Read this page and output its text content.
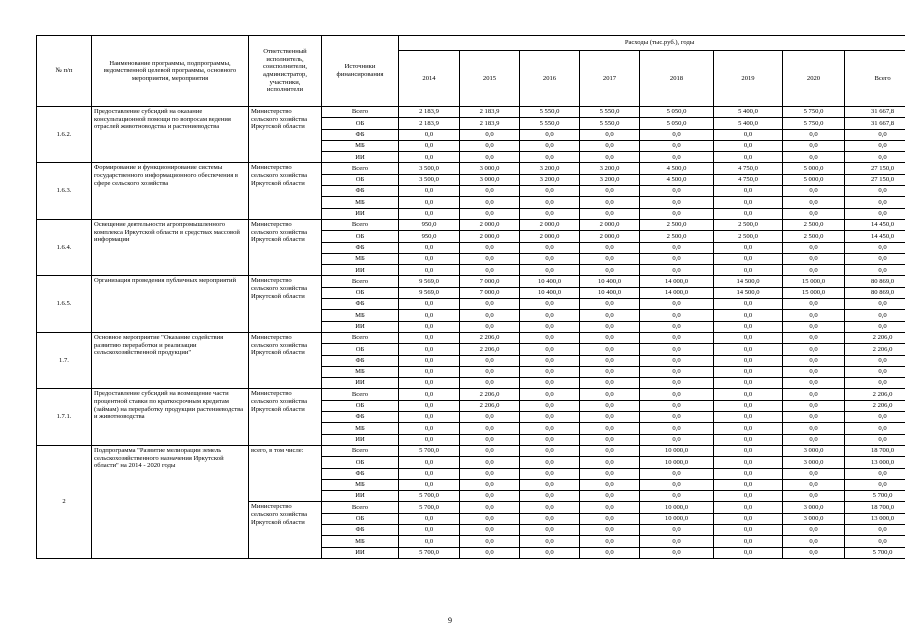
№ п/п	Наименование программы, подпрограммы, ведомственной целевой программы, основного мероприятия, мероприятия	Ответственный исполнитель, соисполнители, администратор, участники, исполнители	Источники финансирования	Расходы (тыс.руб.), годы							
				2014	2015	2016	2017	2018	2019	2020	Всего
1.6.2.	Предоставление субсидий на оказание консультационной помощи по вопросам ведения отраслей животноводства и растениеводства	Министерство сельского хозяйства Иркутской области	Всего	2 183,9	2 183,9	5 550,0	5 550,0	5 050,0	5 400,0	5 750,0	31 667,8
			ОБ	2 183,9	2 183,9	5 550,0	5 550,0	5 050,0	5 400,0	5 750,0	31 667,8
			ФБ	0,0	0,0	0,0	0,0	0,0	0,0	0,0	0,0
			МБ	0,0	0,0	0,0	0,0	0,0	0,0	0,0	0,0
			ИИ	0,0	0,0	0,0	0,0	0,0	0,0	0,0	0,0
1.6.3.	Формирование и функционирование системы государственного информационного обеспечения в сфере сельского хозяйства	Министерство сельского хозяйства Иркутской области	Всего	3 500,0	3 000,0	3 200,0	3 200,0	4 500,0	4 750,0	5 000,0	27 150,0
			ОБ	3 500,0	3 000,0	3 200,0	3 200,0	4 500,0	4 750,0	5 000,0	27 150,0
			ФБ	0,0	0,0	0,0	0,0	0,0	0,0	0,0	0,0
			МБ	0,0	0,0	0,0	0,0	0,0	0,0	0,0	0,0
			ИИ	0,0	0,0	0,0	0,0	0,0	0,0	0,0	0,0
1.6.4.	Освещение деятельности агропромышленного комплекса Иркутской области в средствах массовой информации	Министерство сельского хозяйства Иркутской области	Всего	950,0	2 000,0	2 000,0	2 000,0	2 500,0	2 500,0	2 500,0	14 450,0
			ОБ	950,0	2 000,0	2 000,0	2 000,0	2 500,0	2 500,0	2 500,0	14 450,0
			ФБ	0,0	0,0	0,0	0,0	0,0	0,0	0,0	0,0
			МБ	0,0	0,0	0,0	0,0	0,0	0,0	0,0	0,0
			ИИ	0,0	0,0	0,0	0,0	0,0	0,0	0,0	0,0
1.6.5.	Организация проведения публичных мероприятий	Министерство сельского хозяйства Иркутской области	Всего	9 569,0	7 000,0	10 400,0	10 400,0	14 000,0	14 500,0	15 000,0	80 869,0
			ОБ	9 569,0	7 000,0	10 400,0	10 400,0	14 000,0	14 500,0	15 000,0	80 869,0
			ФБ	0,0	0,0	0,0	0,0	0,0	0,0	0,0	0,0
			МБ	0,0	0,0	0,0	0,0	0,0	0,0	0,0	0,0
			ИИ	0,0	0,0	0,0	0,0	0,0	0,0	0,0	0,0
1.7.	Основное мероприятие "Оказание содействия развитию переработки и реализации сельскохозяйственной продукции"	Министерство сельского хозяйства Иркутской области	Всего	0,0	2 206,0	0,0	0,0	0,0	0,0	0,0	2 206,0
			ОБ	0,0	2 206,0	0,0	0,0	0,0	0,0	0,0	2 206,0
			ФБ	0,0	0,0	0,0	0,0	0,0	0,0	0,0	0,0
			МБ	0,0	0,0	0,0	0,0	0,0	0,0	0,0	0,0
			ИИ	0,0	0,0	0,0	0,0	0,0	0,0	0,0	0,0
1.7.1.	Предоставление субсидий на возмещение части процентной ставки по краткосрочным кредитам (займам) на переработку продукции растениеводства и животноводства	Министерство сельского хозяйства Иркутской области	Всего	0,0	2 206,0	0,0	0,0	0,0	0,0	0,0	2 206,0
			ОБ	0,0	2 206,0	0,0	0,0	0,0	0,0	0,0	2 206,0
			ФБ	0,0	0,0	0,0	0,0	0,0	0,0	0,0	0,0
			МБ	0,0	0,0	0,0	0,0	0,0	0,0	0,0	0,0
			ИИ	0,0	0,0	0,0	0,0	0,0	0,0	0,0	0,0
2	Подпрограмма "Развитие мелиорации земель сельскохозяйственного назначения Иркутской области" на 2014 - 2020 годы	всего, в том числе:	Всего	5 700,0	0,0	0,0	0,0	10 000,0	0,0	3 000,0	18 700,0
			ОБ	0,0	0,0	0,0	0,0	10 000,0	0,0	3 000,0	13 000,0
			ФБ	0,0	0,0	0,0	0,0	0,0	0,0	0,0	0,0
			МБ	0,0	0,0	0,0	0,0	0,0	0,0	0,0	0,0
			ИИ	5 700,0	0,0	0,0	0,0	0,0	0,0	0,0	5 700,0
		Министерство сельского хозяйства Иркутской области	Всего	5 700,0	0,0	0,0	0,0	10 000,0	0,0	3 000,0	18 700,0
			ОБ	0,0	0,0	0,0	0,0	10 000,0	0,0	3 000,0	13 000,0
			ФБ	0,0	0,0	0,0	0,0	0,0	0,0	0,0	0,0
			МБ	0,0	0,0	0,0	0,0	0,0	0,0	0,0	0,0
			ИИ	5 700,0	0,0	0,0	0,0	0,0	0,0	0,0	5 700,0
9
